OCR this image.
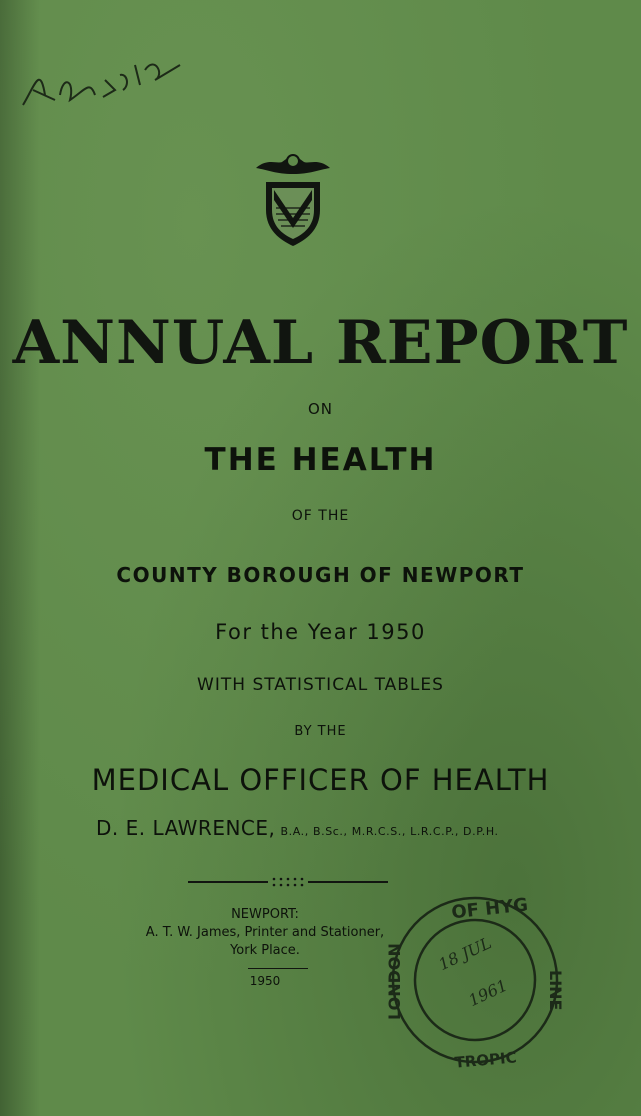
ANNUAL REPORT
ON
THE HEALTH
OF THE
COUNTY BOROUGH OF NEWPORT
For the Year 1950
WITH STATISTICAL TABLES
BY THE
MEDICAL OFFICER OF HEALTH
D. E. LAWRENCE, B.A., B.Sc., M.R.C.S., L.R.C.P., D.P.H.
NEWPORT:
A. T. W. James, Printer and Stationer,
York Place.
1950
OF HYG
LONDON	LINE
TROPIC
18 JUL
1961
